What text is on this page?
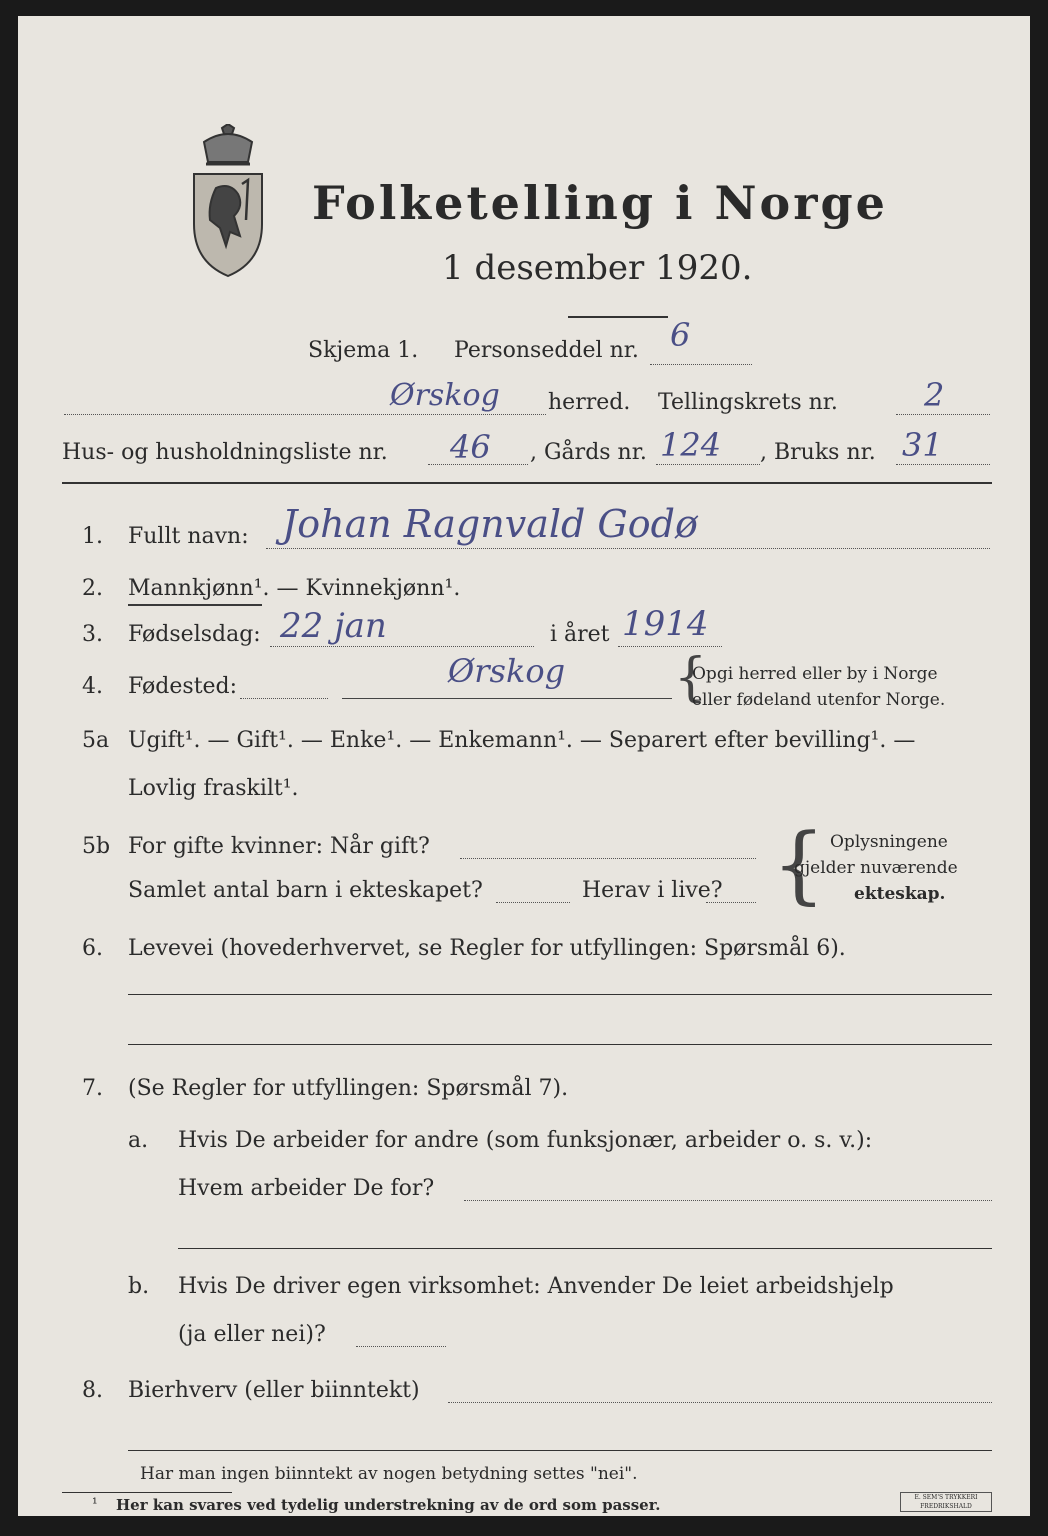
Folketelling i Norge
1 desember 1920.
Skjema 1. Personseddel nr. 6
Ørskog herred. Tellingskrets nr.	2
Hus- og husholdningsliste nr. 46 , Gårds nr. 124 , Bruks nr. 31
1. Fullt navn: Johan Ragnvald Godø
2. Mannkjønn¹. — Kvinnekjønn¹.
3. Fødselsdag: 22 jan	i året 1914
4. Fødested:	Ørskog {
Opgi herred eller by i Norge
eller fødeland utenfor Norge.
5a Ugift¹. — Gift¹. — Enke¹. — Enkemann¹. — Separert efter bevilling¹. —
Lovlig fraskilt¹.
5b For gifte kvinner: Når gift?
Samlet antal barn i ekteskapet?	Herav i live? { Oplysningene
gjelder nuværende
ekteskap.
6. Levevei (hovederhvervet, se Regler for utfyllingen: Spørsmål 6).
7. (Se Regler for utfyllingen: Spørsmål 7).
a. Hvis De arbeider for andre (som funksjonær, arbeider o. s. v.):
Hvem arbeider De for?
b. Hvis De driver egen virksomhet: Anvender De leiet arbeidshjelp
(ja eller nei)?
8. Bierhverv (eller biinntekt)
Har man ingen biinntekt av nogen betydning settes "nei".
¹ Her kan svares ved tydelig understrekning av de ord som passer.	E. SEM'S TRYKKERI FREDRIKSHALD
